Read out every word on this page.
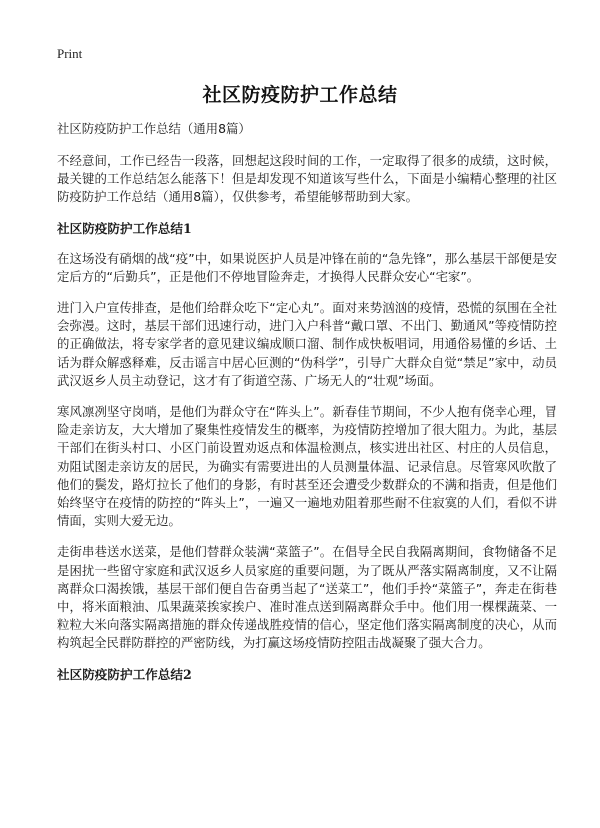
Print
社区防疫防护工作总结
社区防疫防护工作总结（通用8篇）

不经意间，工作已经告一段落，回想起这段时间的工作，一定取得了很多的成绩，这时候，最关键的工作总结怎么能落下！但是却发现不知道该写些什么，下面是小编精心整理的社区防疫防护工作总结（通用8篇），仅供参考，希望能够帮助到大家。

社区防疫防护工作总结1

在这场没有硝烟的战“疫”中，如果说医护人员是冲锋在前的“急先锋”，那么基层干部便是安定后方的“后勤兵”，正是他们不停地冒险奔走，才换得人民群众安心“宅家”。

进门入户宣传排查，是他们给群众吃下“定心丸”。面对来势汹汹的疫情，恐慌的氛围在全社会弥漫。这时，基层干部们迅速行动，进门入户科普“戴口罩、不出门、勤通风”等疫情防控的正确做法，将专家学者的意见建议编成顺口溜、制作成快板唱词，用通俗易懂的乡话、土话为群众解惑释难，反击谣言中居心叵测的“伪科学”，引导广大群众自觉“禁足”家中，动员武汉返乡人员主动登记，这才有了街道空荡、广场无人的“壮观”场面。

寒风凛冽坚守岗哨，是他们为群众守在“阵头上”。新春佳节期间，不少人抱有侥幸心理，冒险走亲访友，大大增加了聚集性疫情发生的概率，为疫情防控增加了很大阻力。为此，基层干部们在街头村口、小区门前设置劝返点和体温检测点，核实进出社区、村庄的人员信息，劝阻试图走亲访友的居民，为确实有需要进出的人员测量体温、记录信息。尽管寒风吹散了他们的鬓发，路灯拉长了他们的身影，有时甚至还会遭受少数群众的不满和指责，但是他们始终坚守在疫情的防控的“阵头上”，一遍又一遍地劝阻着那些耐不住寂寞的人们，看似不讲情面，实则大爱无边。

走街串巷送水送菜，是他们替群众装满“菜篮子”。在倡导全民自我隔离期间，食物储备不足是困扰一些留守家庭和武汉返乡人员家庭的重要问题，为了既从严落实隔离制度，又不让隔离群众口渴挨饿，基层干部们便自告奋勇当起了“送菜工”，他们手拎“菜篮子”，奔走在街巷中，将米面粮油、瓜果蔬菜挨家挨户、准时准点送到隔离群众手中。他们用一棵棵蔬菜、一粒粒大米向落实隔离措施的群众传递战胜疫情的信心，坚定他们落实隔离制度的决心，从而构筑起全民群防群控的严密防线，为打赢这场疫情防控阻击战凝聚了强大合力。

社区防疫防护工作总结2
